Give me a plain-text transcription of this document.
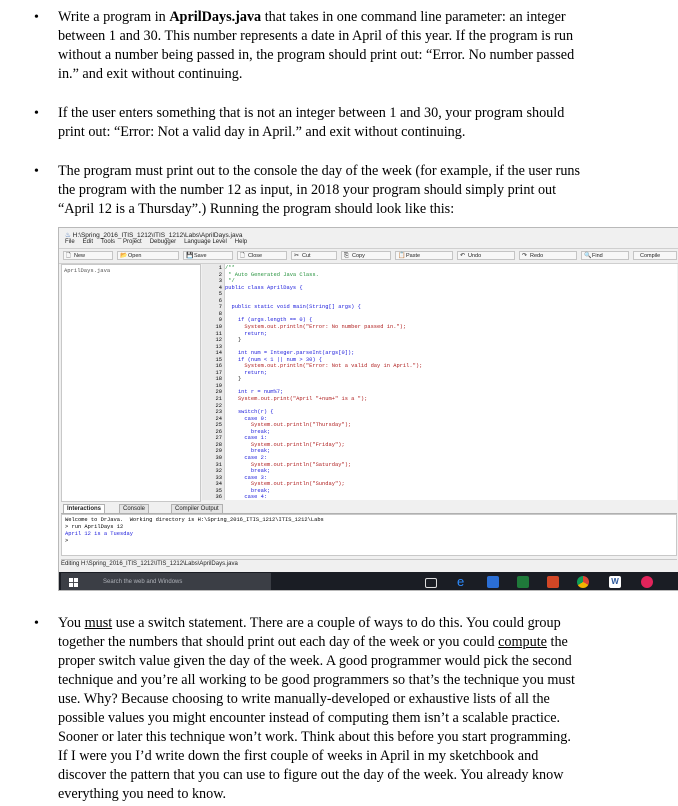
• Write a program in AprilDays.java that takes in one command line parameter: an integer
between 1 and 30. This number represents a date in April of this year. If the program is run
without a number being passed in, the program should print out: “Error. No number passed
in.” and exit without continuing.
• If the user enters something that is not an integer between 1 and 30, your program should
print out: “Error: Not a valid day in April.” and exit without continuing.
• The program must print out to the console the day of the week (for example, if the user runs
the program with the number 12 as input, in 2018 your program should simply print out
“April 12 is a Thursday”.) Running the program should look like this:
• You must use a switch statement. There are a couple of ways to do this. You could group
together the numbers that should print out each day of the week or you could compute the
proper switch value given the day of the week. A good programmer would pick the second
technique and you’re all working to be good programmers so that’s the technique you must
use. Why? Because choosing to write manually-developed or exhaustive lists of all the
possible values you might encounter instead of computing them isn’t a scalable practice.
Sooner or later this technique won’t work. Think about this before you start programming.
If I were you I’d write down the first couple of weeks in April in my sketchbook and
discover the pattern that you can use to figure out the day of the week. You already know
everything you need to know.
♨ H:\Spring_2016_ITIS_1212\ITIS_1212\Labs\AprilDays.java
File Edit Tools Project Debugger Language Level Help
🗋 New	📂 Open	💾 Save	🗋 Close	✂ Cut	⎘ Copy	📋 Paste	↶ Undo	↷ Redo	🔍 Find	Compile
AprilDays.java	1
2
3
4
5
6
7
8
9
10
11
12
13
14
15
16
17
18
19
20
21
22
23
24
25
26
27
28
29
30
31
32
33
34
35
36
/**
* Auto Generated Java Class.
*/
public class AprilDays {
public static void main(String[] args) {
if (args.length == 0) {
System.out.println("Error: No number passed in.");
return;
}
int num = Integer.parseInt(args[0]);
if (num < 1 || num > 30) {
System.out.println("Error: Not a valid day in April.");
return;
}
int r = num%7;
System.out.print("April "+num+" is a ");
switch(r) {
case 0:
System.out.println("Thursday");
break;
case 1:
System.out.println("Friday");
break;
case 2:
System.out.println("Saturday");
break;
case 3:
System.out.println("Sunday");
break;
case 4:
Interactions	Console	Compiler Output
Welcome to DrJava.  Working directory is H:\Spring_2016_ITIS_1212\ITIS_1212\Labs
> run AprilDays 12
April 12 is a Tuesday
>
Editing H:\Spring_2016_ITIS_1212\ITIS_1212\Labs\AprilDays.java
Search the web and Windows	e	W
